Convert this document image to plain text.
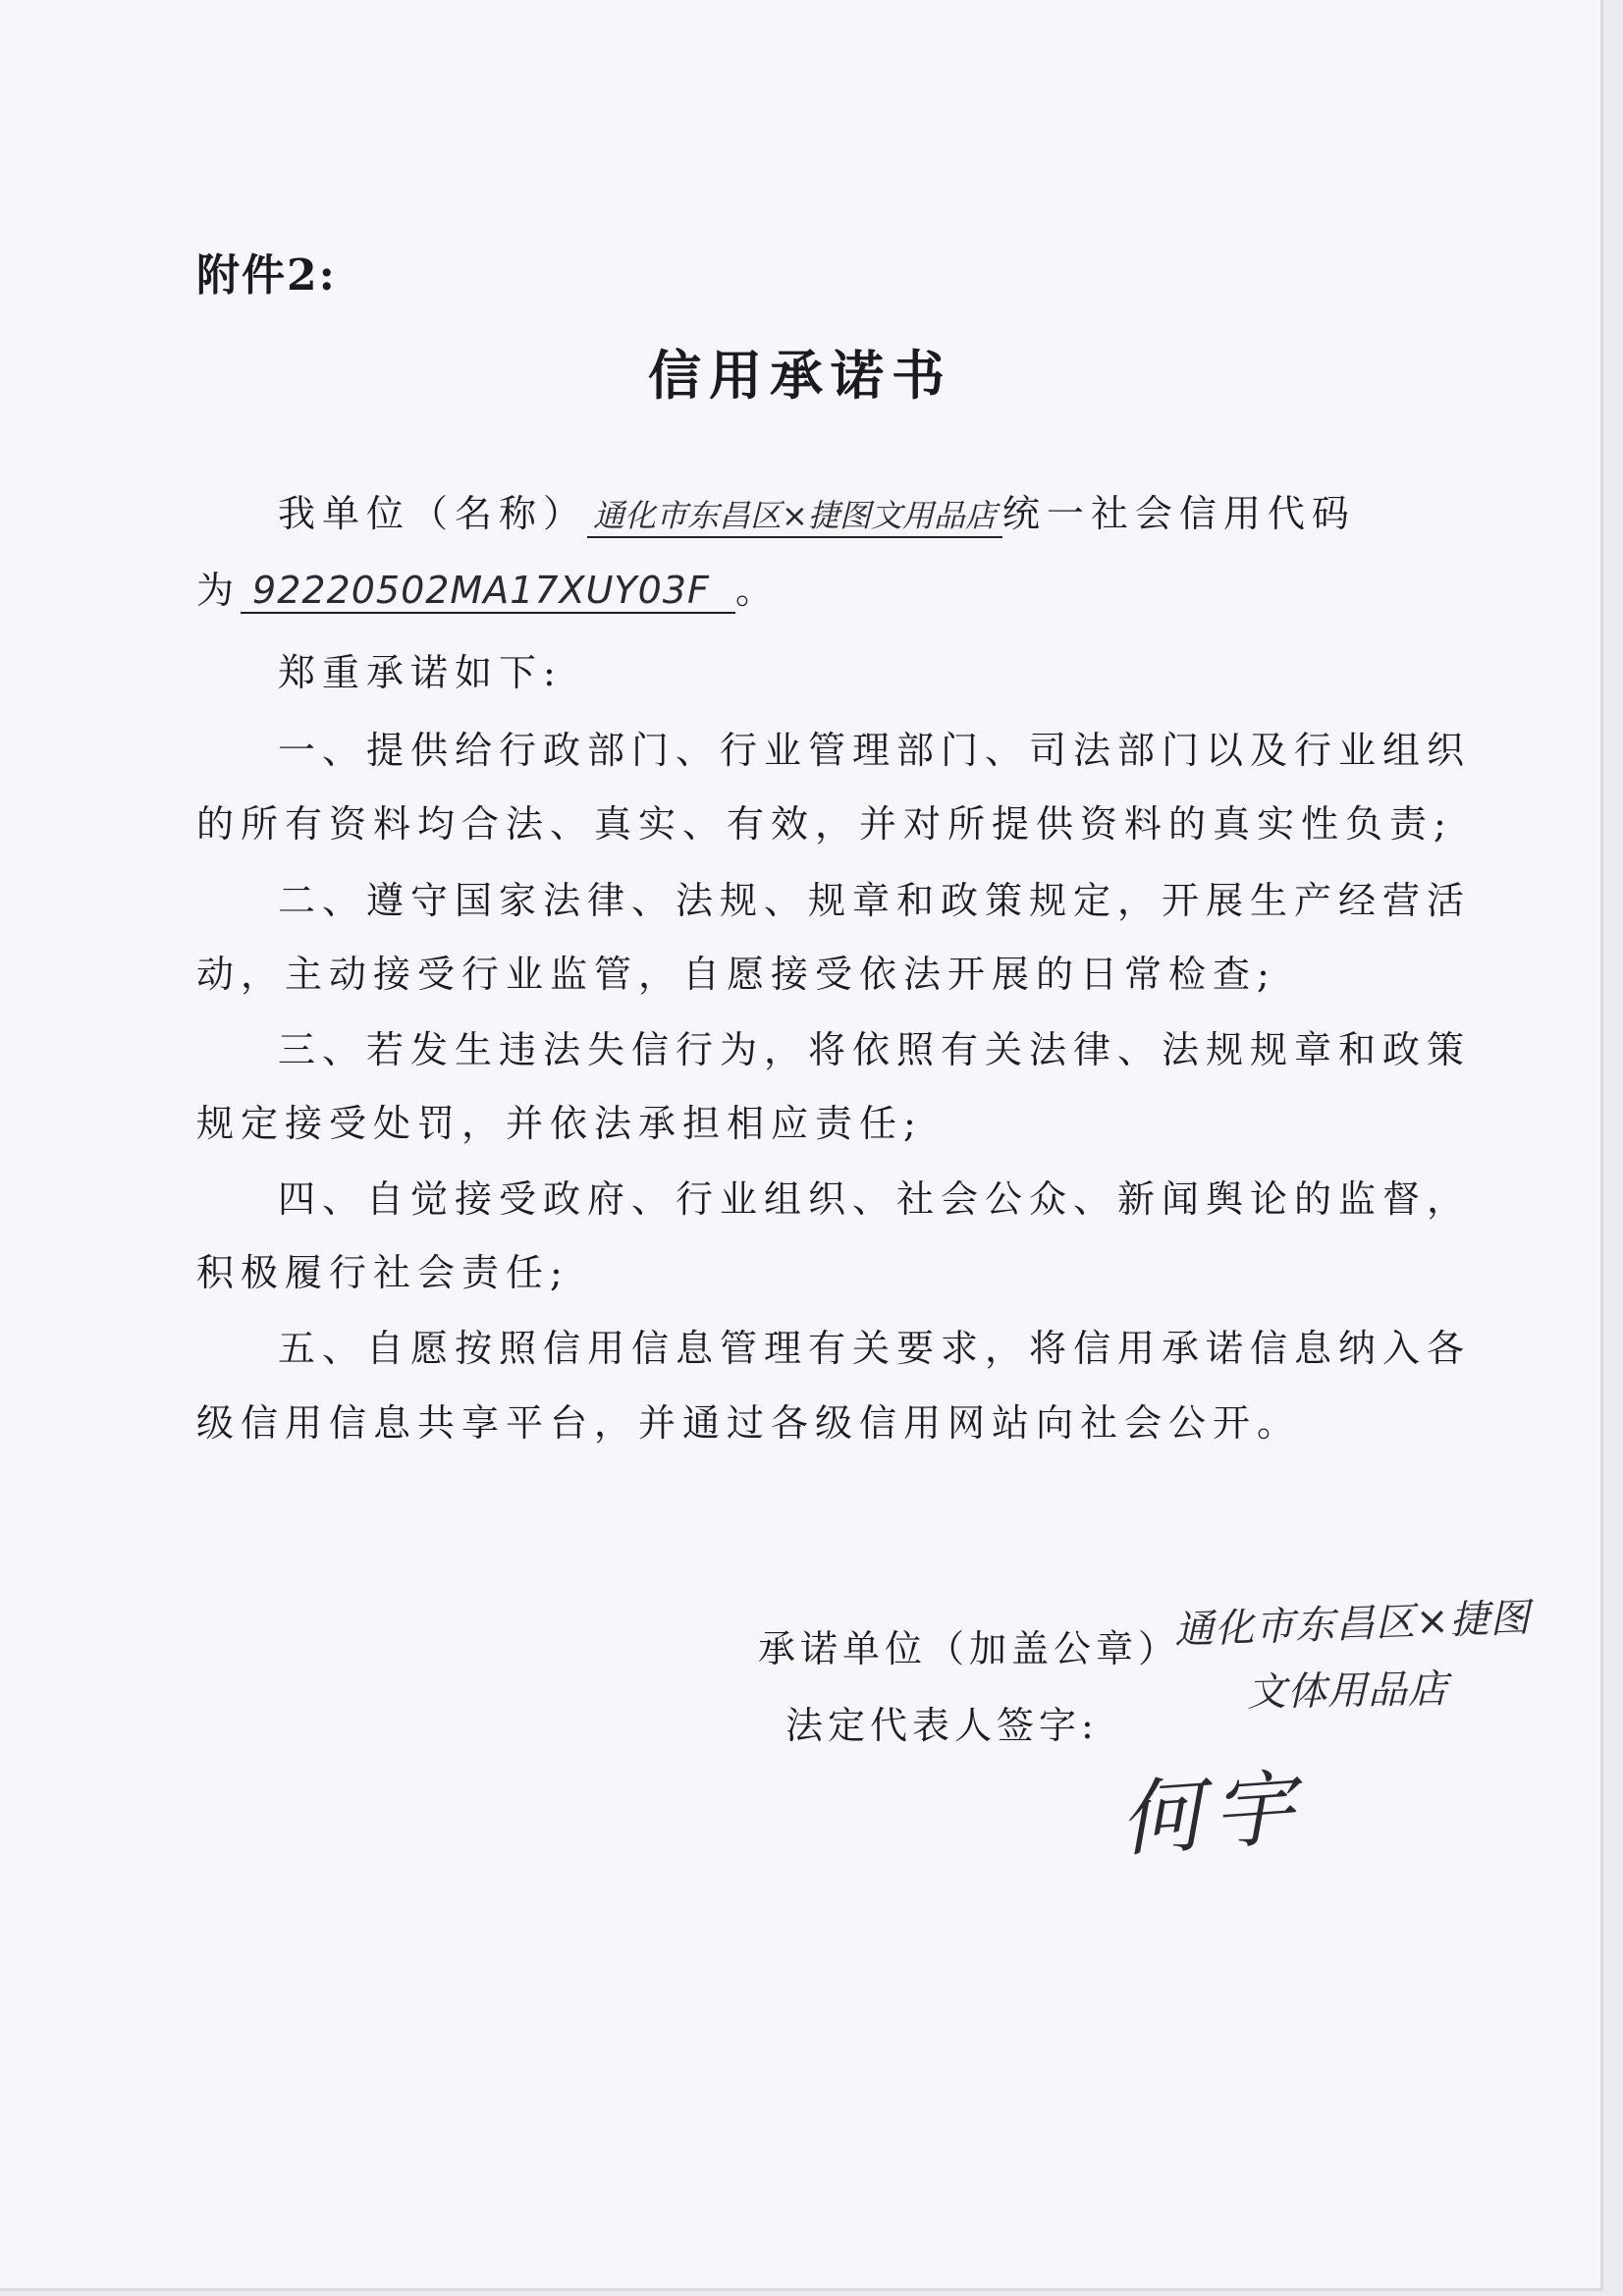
附件2:
信用承诺书
我单位（名称） 通化市东昌区×捷图文用品店 统一社会信用代码
为 92220502MA17XUY03F 。
郑重承诺如下:
一、提供给行政部门、行业管理部门、司法部门以及行业组织
的所有资料均合法、真实、有效，并对所提供资料的真实性负责;
二、遵守国家法律、法规、规章和政策规定，开展生产经营活
动，主动接受行业监管，自愿接受依法开展的日常检查;
三、若发生违法失信行为，将依照有关法律、法规规章和政策
规定接受处罚，并依法承担相应责任;
四、自觉接受政府、行业组织、社会公众、新闻舆论的监督，
积极履行社会责任;
五、自愿按照信用信息管理有关要求，将信用承诺信息纳入各
级信用信息共享平台，并通过各级信用网站向社会公开。
承诺单位（加盖公章）
通化市东昌区×捷图
文体用品店
法定代表人签字:
何宇
